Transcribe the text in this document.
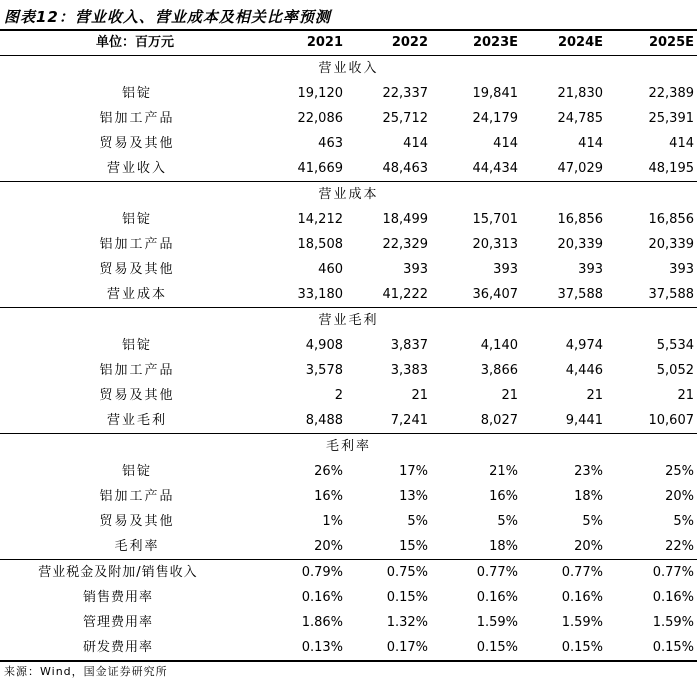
图表12：营业收入、营业成本及相关比率预测
单位：百万元	2021	2022	2023E	2024E	2025E
营业收入					
铝锭	19,120	22,337	19,841	21,830	22,389
铝加工产品	22,086	25,712	24,179	24,785	25,391
贸易及其他	463	414	414	414	414
营业收入	41,669	48,463	44,434	47,029	48,195
营业成本					
铝锭	14,212	18,499	15,701	16,856	16,856
铝加工产品	18,508	22,329	20,313	20,339	20,339
贸易及其他	460	393	393	393	393
营业成本	33,180	41,222	36,407	37,588	37,588
营业毛利					
铝锭	4,908	3,837	4,140	4,974	5,534
铝加工产品	3,578	3,383	3,866	4,446	5,052
贸易及其他	2	21	21	21	21
营业毛利	8,488	7,241	8,027	9,441	10,607
毛利率					
铝锭	26%	17%	21%	23%	25%
铝加工产品	16%	13%	16%	18%	20%
贸易及其他	1%	5%	5%	5%	5%
毛利率	20%	15%	18%	20%	22%
营业税金及附加/销售收入	0.79%	0.75%	0.77%	0.77%	0.77%
销售费用率	0.16%	0.15%	0.16%	0.16%	0.16%
管理费用率	1.86%	1.32%	1.59%	1.59%	1.59%
研发费用率	0.13%	0.17%	0.15%	0.15%	0.15%
来源：Wind，国金证券研究所
